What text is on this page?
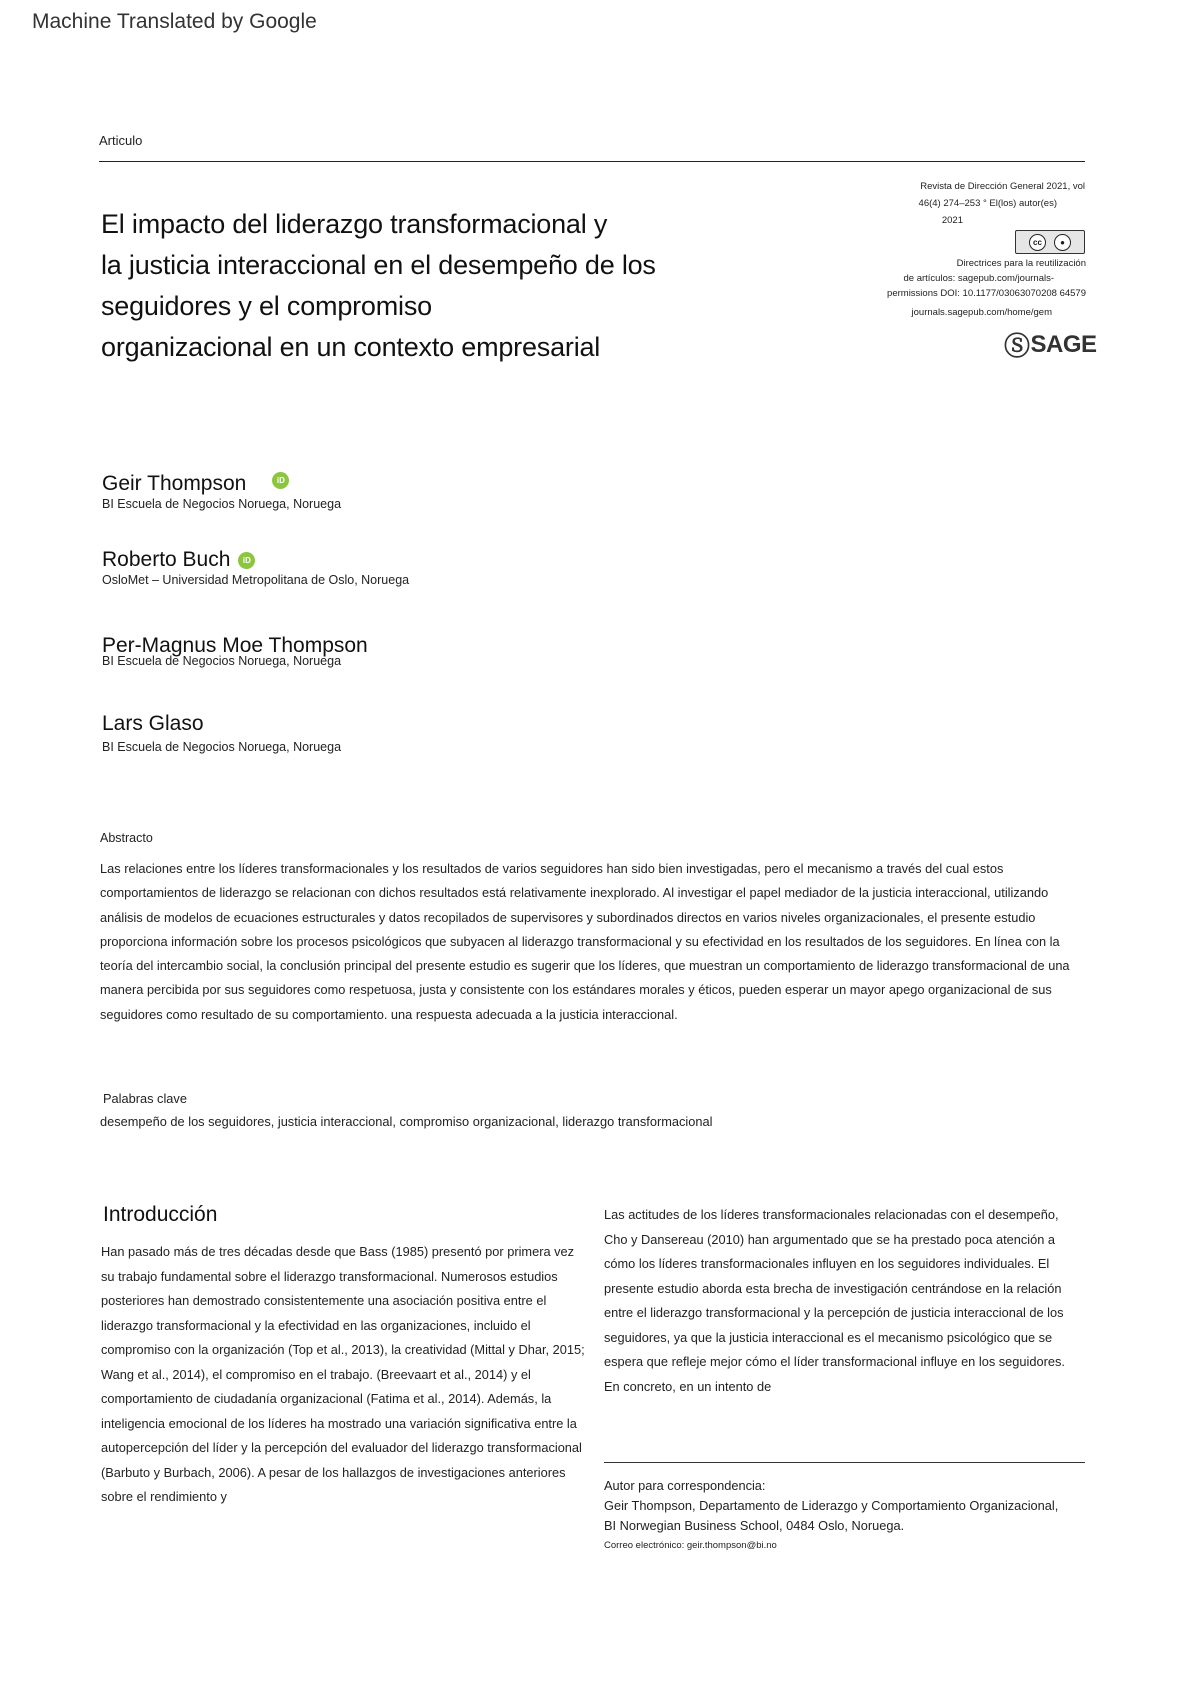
Machine Translated by Google
Articulo
El impacto del liderazgo transformacional y
la justicia interaccional en el desempeño de los
seguidores y el compromiso
organizacional en un contexto empresarial
Revista de Dirección General 2021, vol
46(4) 274–253 ° El(los) autor(es)
2021
cc	●
Directrices para la reutilización
de artículos: sagepub.com/journals-
permissions DOI: 10.1177/03063070208 64579
journals.sagepub.com/home/gem
Ⓢ SAGE
Geir Thompson	iD
BI Escuela de Negocios Noruega, Noruega
Roberto Buch	iD
OsloMet – Universidad Metropolitana de Oslo, Noruega
Per-Magnus Moe Thompson
BI Escuela de Negocios Noruega, Noruega
Lars Glaso
BI Escuela de Negocios Noruega, Noruega
Abstracto

Las relaciones entre los líderes transformacionales y los resultados de varios seguidores han sido bien investigadas, pero el mecanismo a través del cual estos comportamientos de liderazgo se relacionan con dichos resultados está relativamente inexplorado. Al investigar el papel mediador de la justicia interaccional, utilizando análisis de modelos de ecuaciones estructurales y datos recopilados de supervisores y subordinados directos en varios niveles organizacionales, el presente estudio proporciona información sobre los procesos psicológicos que subyacen al liderazgo transformacional y su efectividad en los resultados de los seguidores. En línea con la teoría del intercambio social, la conclusión principal del presente estudio es sugerir que los líderes, que muestran un comportamiento de liderazgo transformacional de una manera percibida por sus seguidores como respetuosa, justa y consistente con los estándares morales y éticos, pueden esperar un mayor apego organizacional de sus seguidores como resultado de su comportamiento. una respuesta adecuada a la justicia interaccional.

Palabras clave
desempeño de los seguidores, justicia interaccional, compromiso organizacional, liderazgo transformacional
Introducción

Han pasado más de tres décadas desde que Bass (1985) presentó por primera vez su trabajo fundamental sobre el liderazgo transformacional. Numerosos estudios posteriores han demostrado consistentemente una asociación positiva entre el liderazgo transformacional y la efectividad en las organizaciones, incluido el compromiso con la organización (Top et al., 2013), la creatividad (Mittal y Dhar, 2015; Wang et al., 2014), el compromiso en el trabajo. (Breevaart et al., 2014) y el comportamiento de ciudadanía organizacional (Fatima et al., 2014). Además, la inteligencia emocional de los líderes ha mostrado una variación significativa entre la autopercepción del líder y la percepción del evaluador del liderazgo transformacional (Barbuto y Burbach, 2006). A pesar de los hallazgos de investigaciones anteriores sobre el rendimiento y

Las actitudes de los líderes transformacionales relacionadas con el desempeño, Cho y Dansereau (2010) han argumentado que se ha prestado poca atención a cómo los líderes transformacionales influyen en los seguidores individuales. El presente estudio aborda esta brecha de investigación centrándose en la relación entre el liderazgo transformacional y la percepción de justicia interaccional de los seguidores, ya que la justicia interaccional es el mecanismo psicológico que se espera que refleje mejor cómo el líder transformacional influye en los seguidores. En concreto, en un intento de

Autor para correspondencia:
Geir Thompson, Departamento de Liderazgo y Comportamiento Organizacional,
BI Norwegian Business School, 0484 Oslo, Noruega.
Correo electrónico: geir.thompson@bi.no
